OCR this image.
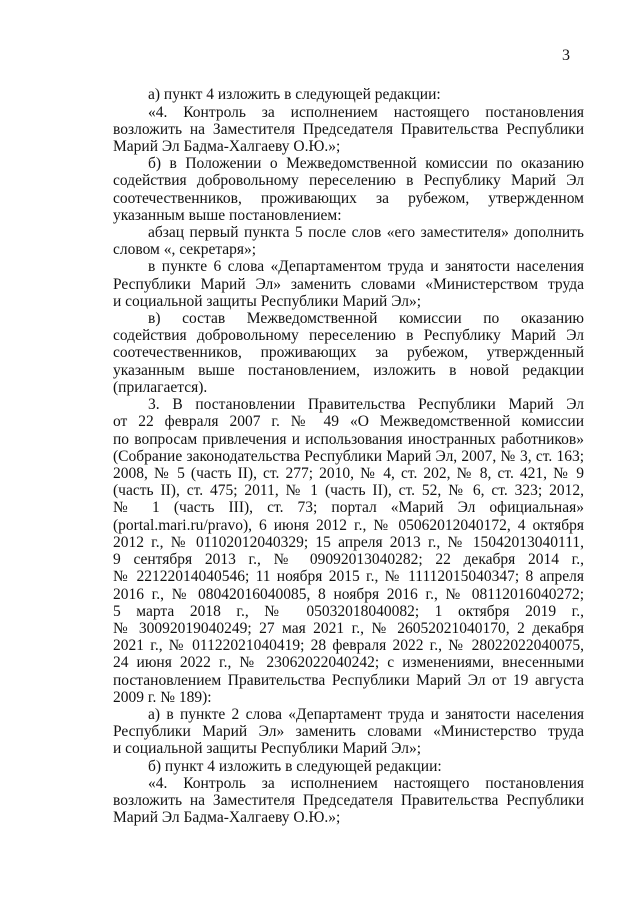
3
а) пункт 4 изложить в следующей редакции:
«4. Контроль за исполнением настоящего постановления
возложить на Заместителя Председателя Правительства Республики
Марий Эл Бадма-Халгаеву О.Ю.»;
б) в Положении о Межведомственной комиссии по оказанию
содействия добровольному переселению в Республику Марий Эл
соотечественников, проживающих за рубежом, утвержденном
указанным выше постановлением:
абзац первый пункта 5 после слов «его заместителя» дополнить
словом «, секретаря»;
в пункте 6 слова «Департаментом труда и занятости населения
Республики Марий Эл» заменить словами «Министерством труда
и социальной защиты Республики Марий Эл»;
в) состав Межведомственной комиссии по оказанию
содействия добровольному переселению в Республику Марий Эл
соотечественников, проживающих за рубежом, утвержденный
указанным выше постановлением, изложить в новой редакции
(прилагается).
3. В постановлении Правительства Республики Марий Эл
от 22 февраля 2007 г. № 49 «О Межведомственной комиссии
по вопросам привлечения и использования иностранных работников»
(Собрание законодательства Республики Марий Эл, 2007, № 3, ст. 163;
2008, № 5 (часть II), ст. 277; 2010, № 4, ст. 202, № 8, ст. 421, № 9
(часть II), ст. 475; 2011, № 1 (часть II), ст. 52, № 6, ст. 323; 2012,
№ 1 (часть III), ст. 73; портал «Марий Эл официальная»
(portal.mari.ru/pravo), 6 июня 2012 г., № 05062012040172, 4 октября
2012 г., № 01102012040329; 15 апреля 2013 г., № 15042013040111,
9 сентября 2013 г., № 09092013040282; 22 декабря 2014 г.,
№ 22122014040546; 11 ноября 2015 г., № 11112015040347; 8 апреля
2016 г., № 08042016040085, 8 ноября 2016 г., № 08112016040272;
5 марта 2018 г., № 05032018040082; 1 октября 2019 г.,
№ 30092019040249; 27 мая 2021 г., № 26052021040170, 2 декабря
2021 г., № 01122021040419; 28 февраля 2022 г., № 28022022040075,
24 июня 2022 г., № 23062022040242; с изменениями, внесенными
постановлением Правительства Республики Марий Эл от 19 августа
2009 г. № 189):
а) в пункте 2 слова «Департамент труда и занятости населения
Республики Марий Эл» заменить словами «Министерство труда
и социальной защиты Республики Марий Эл»;
б) пункт 4 изложить в следующей редакции:
«4. Контроль за исполнением настоящего постановления
возложить на Заместителя Председателя Правительства Республики
Марий Эл Бадма-Халгаеву О.Ю.»;
